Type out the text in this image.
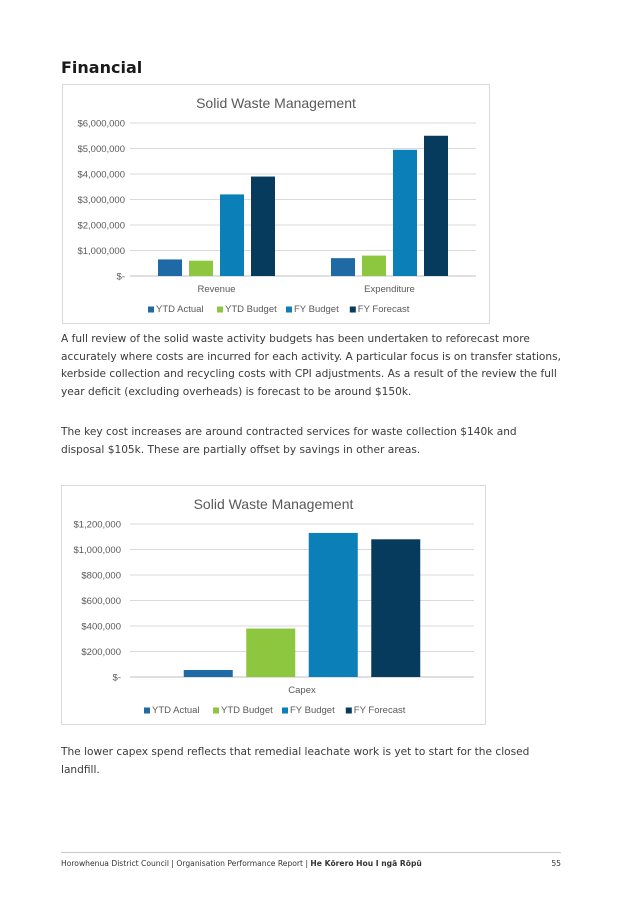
Financial
Solid Waste Management
$6,000,000
$5,000,000
$4,000,000
$3,000,000
$2,000,000
$1,000,000
$-
Revenue	Expenditure
YTD Actual YTD Budget FY Budget FY Forecast

A full review of the solid waste activity budgets has been undertaken to reforecast more accurately where costs are incurred for each activity. A particular focus is on transfer stations, kerbside collection and recycling costs with CPI adjustments. As a result of the review the full year deficit (excluding overheads) is forecast to be around $150k.

The key cost increases are around contracted services for waste collection $140k and disposal $105k. These are partially offset by savings in other areas.

Solid Waste Management
$1,200,000
$1,000,000
$800,000
$600,000
$400,000
$200,000
$-
Capex
YTD Actual YTD Budget FY Budget FY Forecast

The lower capex spend reflects that remedial leachate work is yet to start for the closed landfill.

Horowhenua District Council | Organisation Performance Report | He Kōrero Hou I ngā Rōpū	55
